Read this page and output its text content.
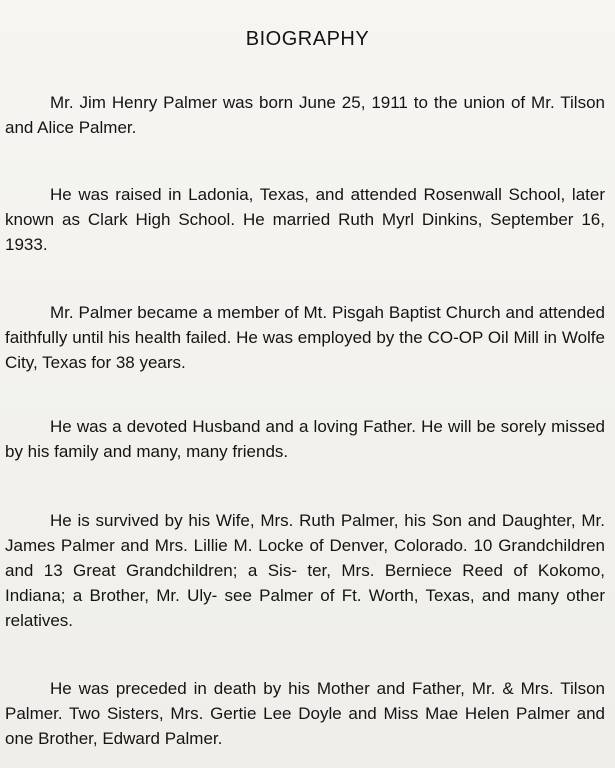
BIOGRAPHY

Mr. Jim Henry Palmer was born June 25, 1911 to the union of Mr. Tilson and Alice Palmer.

He was raised in Ladonia, Texas, and attended Rosenwall School, later known as Clark High School. He married Ruth Myrl Dinkins, September 16, 1933.

Mr. Palmer became a member of Mt. Pisgah Baptist Church and attended faithfully until his health failed. He was employed by the CO-OP Oil Mill in Wolfe City, Texas for 38 years.

He was a devoted Husband and a loving Father. He will be sorely missed by his family and many, many friends.

He is survived by his Wife, Mrs. Ruth Palmer, his Son and Daughter, Mr. James Palmer and Mrs. Lillie M. Locke of Denver, Colorado. 10 Grandchildren and 13 Great Grandchildren; a Sis- ter, Mrs. Berniece Reed of Kokomo, Indiana; a Brother, Mr. Uly- see Palmer of Ft. Worth, Texas, and many other relatives.

He was preceded in death by his Mother and Father, Mr. & Mrs. Tilson Palmer. Two Sisters, Mrs. Gertie Lee Doyle and Miss Mae Helen Palmer and one Brother, Edward Palmer.
